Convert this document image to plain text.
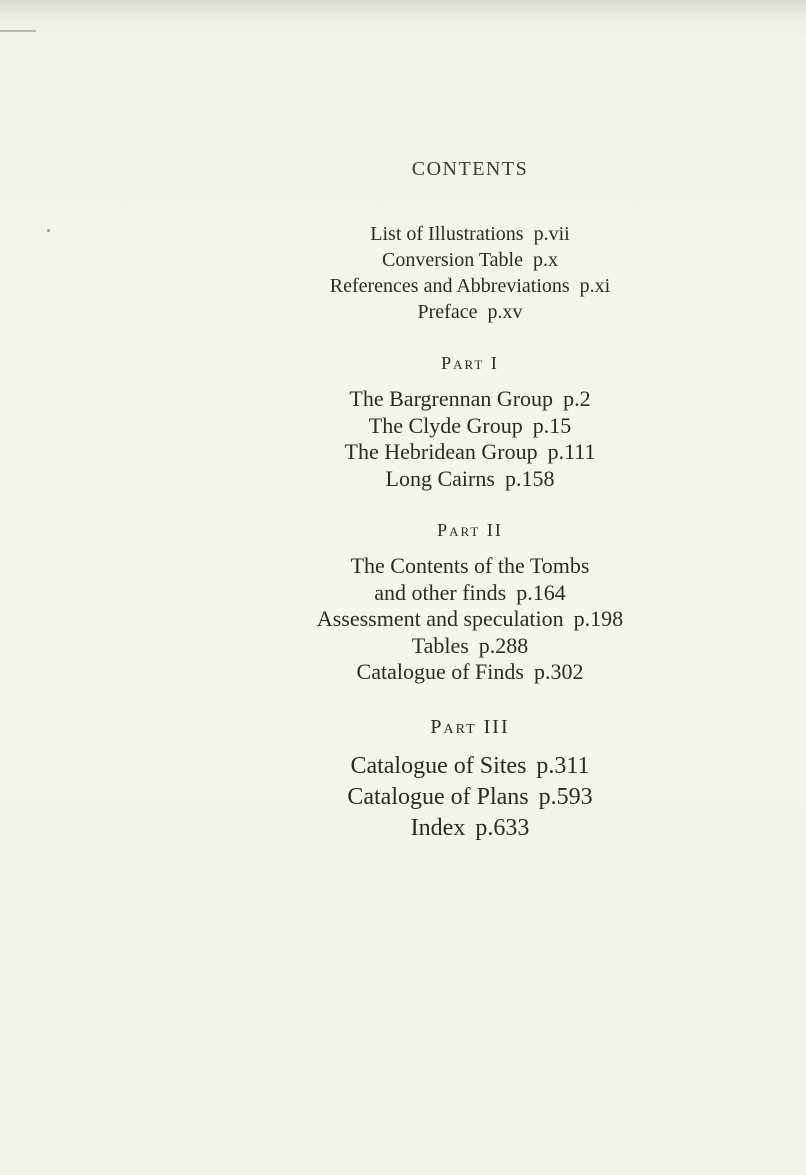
CONTENTS
List of Illustrations p.vii
Conversion Table p.x
References and Abbreviations p.xi
Preface p.xv
Part I
The Bargrennan Group p.2
The Clyde Group p.15
The Hebridean Group p.111
Long Cairns p.158
Part II
The Contents of the Tombs
and other finds p.164
Assessment and speculation p.198
Tables p.288
Catalogue of Finds p.302
Part III
Catalogue of Sites p.311
Catalogue of Plans p.593
Index p.633
